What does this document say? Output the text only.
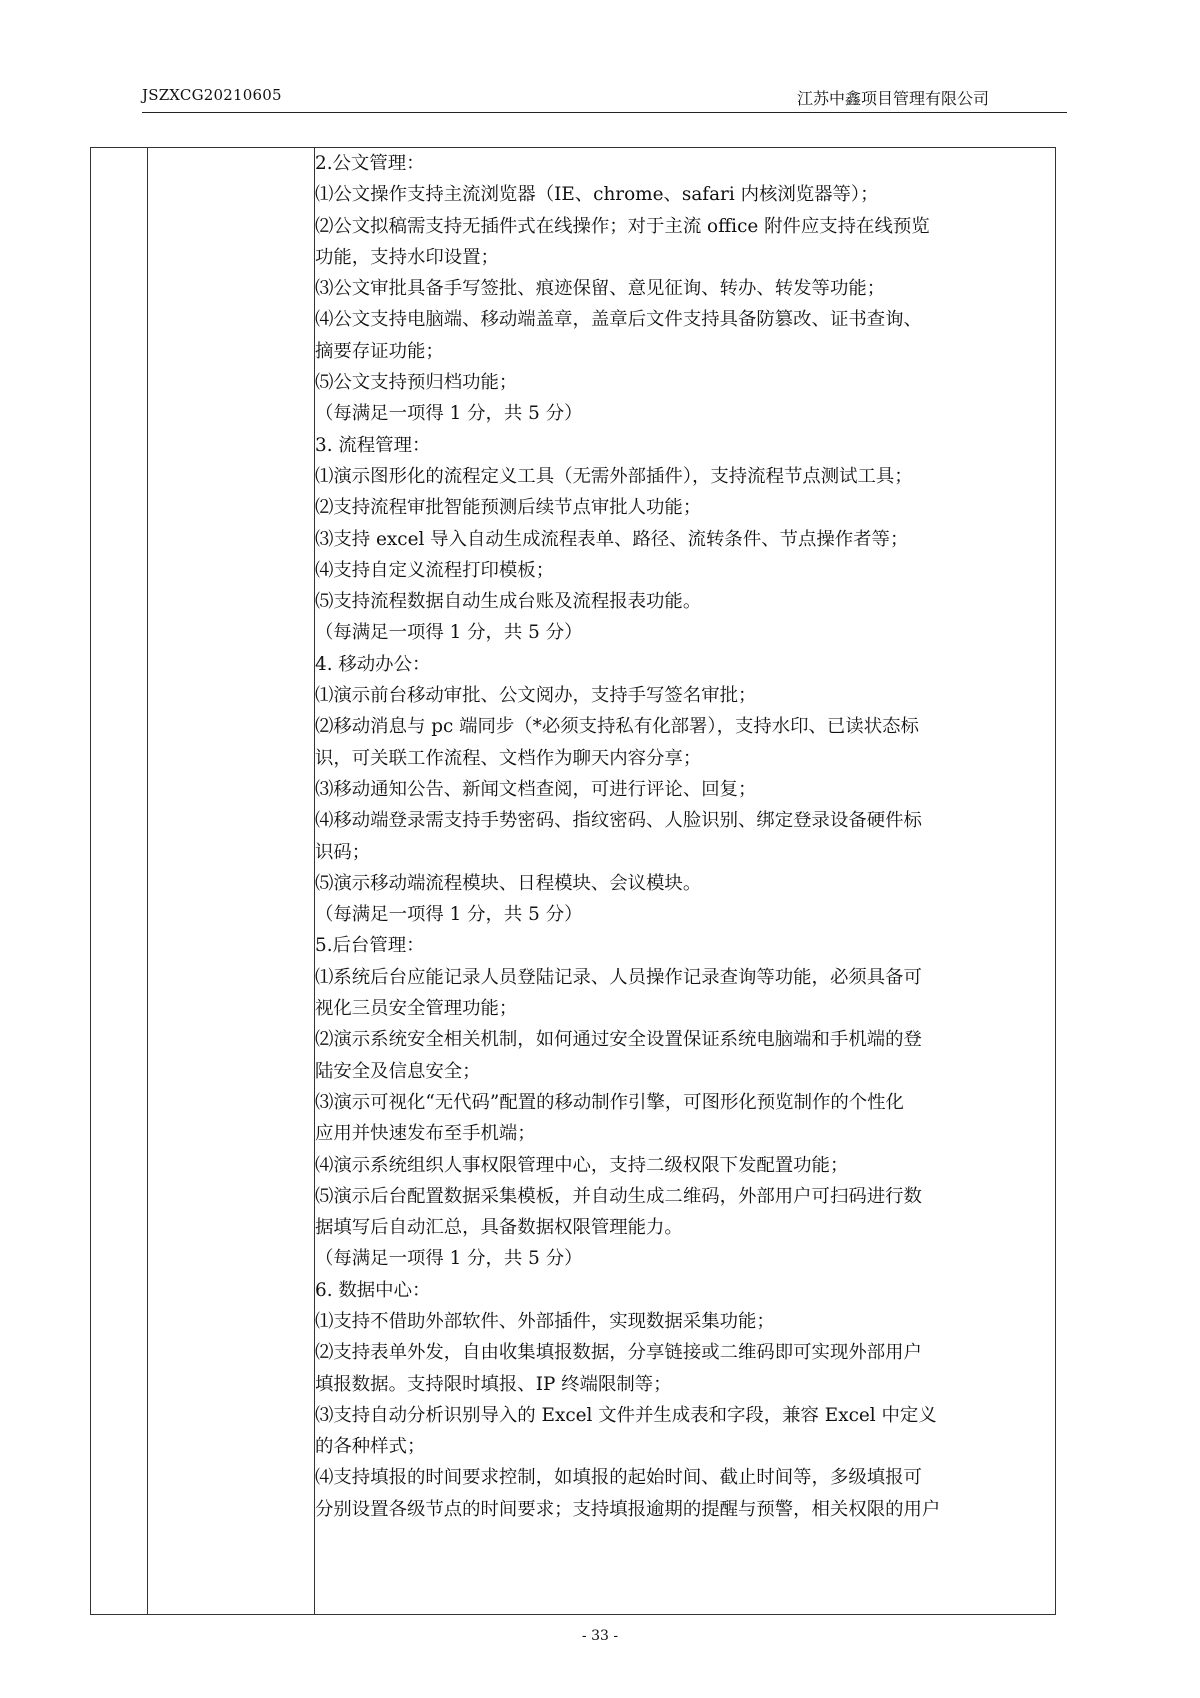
JSZXCG20210605	江苏中鑫项目管理有限公司

2.公文管理：
⑴公文操作支持主流浏览器（IE、chrome、safari 内核浏览器等）；
⑵公文拟稿需支持无插件式在线操作；对于主流 office 附件应支持在线预览
功能，支持水印设置；
⑶公文审批具备手写签批、痕迹保留、意见征询、转办、转发等功能；
⑷公文支持电脑端、移动端盖章，盖章后文件支持具备防篡改、证书查询、
摘要存证功能；
⑸公文支持预归档功能；
（每满足一项得 1 分，共 5 分）
3. 流程管理：
⑴演示图形化的流程定义工具（无需外部插件），支持流程节点测试工具；
⑵支持流程审批智能预测后续节点审批人功能；
⑶支持 excel 导入自动生成流程表单、路径、流转条件、节点操作者等；
⑷支持自定义流程打印模板；
⑸支持流程数据自动生成台账及流程报表功能。
（每满足一项得 1 分，共 5 分）
4. 移动办公：
⑴演示前台移动审批、公文阅办，支持手写签名审批；
⑵移动消息与 pc 端同步（*必须支持私有化部署），支持水印、已读状态标
识，可关联工作流程、文档作为聊天内容分享；
⑶移动通知公告、新闻文档查阅，可进行评论、回复；
⑷移动端登录需支持手势密码、指纹密码、人脸识别、绑定登录设备硬件标
识码；
⑸演示移动端流程模块、日程模块、会议模块。
（每满足一项得 1 分，共 5 分）
5.后台管理：
⑴系统后台应能记录人员登陆记录、人员操作记录查询等功能，必须具备可
视化三员安全管理功能；
⑵演示系统安全相关机制，如何通过安全设置保证系统电脑端和手机端的登
陆安全及信息安全；
⑶演示可视化“无代码”配置的移动制作引擎，可图形化预览制作的个性化
应用并快速发布至手机端；
⑷演示系统组织人事权限管理中心，支持二级权限下发配置功能；
⑸演示后台配置数据采集模板，并自动生成二维码，外部用户可扫码进行数
据填写后自动汇总，具备数据权限管理能力。
（每满足一项得 1 分，共 5 分）
6. 数据中心：
⑴支持不借助外部软件、外部插件，实现数据采集功能；
⑵支持表单外发，自由收集填报数据，分享链接或二维码即可实现外部用户
填报数据。支持限时填报、IP 终端限制等；
⑶支持自动分析识别导入的 Excel 文件并生成表和字段，兼容 Excel 中定义
的各种样式；
⑷支持填报的时间要求控制，如填报的起始时间、截止时间等，多级填报可
分别设置各级节点的时间要求；支持填报逾期的提醒与预警，相关权限的用户
- 33 -
